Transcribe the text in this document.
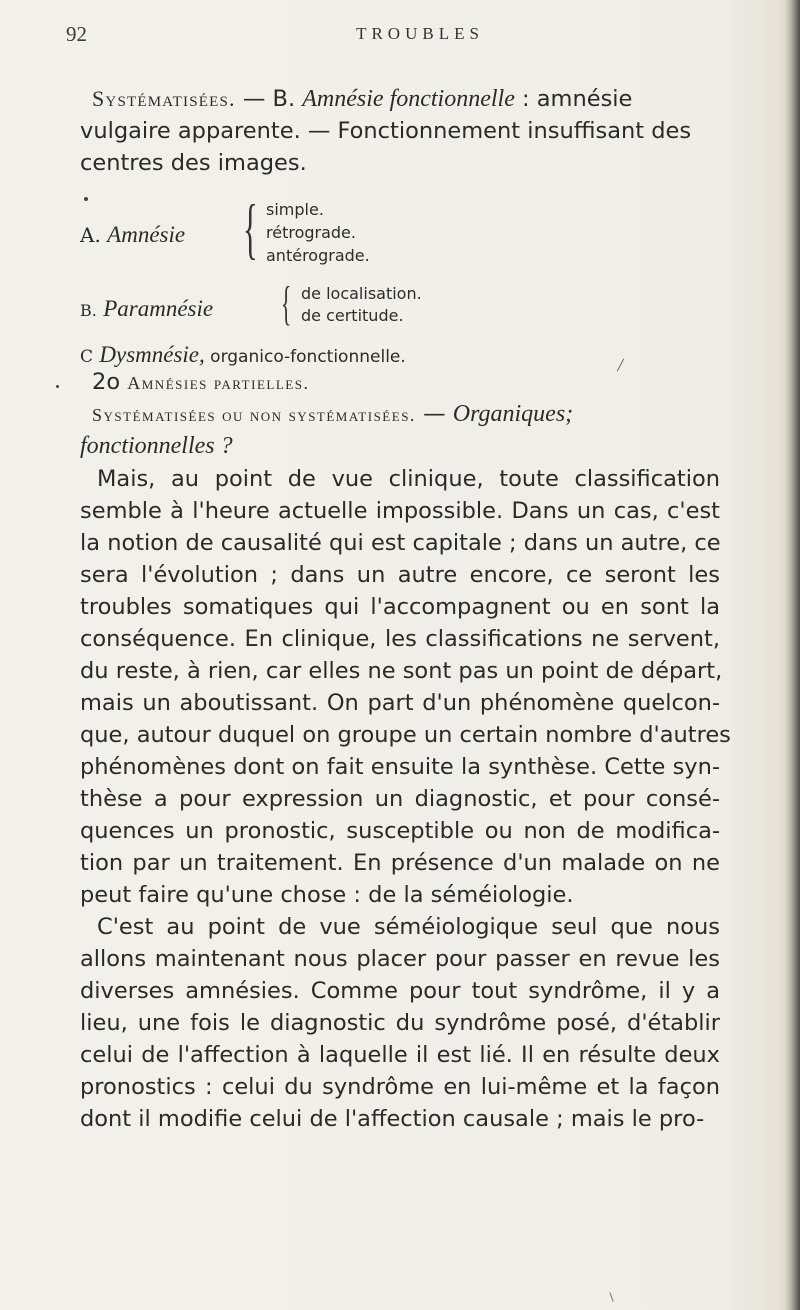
92	TROUBLES
Systématisées. — B. Amnésie fonctionnelle : amnésie
vulgaire apparente. — Fonctionnement insuffisant des
centres des images.
A. Amnésie { simple.
rétrograde.
antérograde.
B. Paramnésie { de localisation.
de certitude.
C Dysmnésie, organico-fonctionnelle.
2o Amnésies partielles.
Systématisées ou non systématisées. — Organiques;
fonctionnelles ?
Mais, au point de vue clinique, toute classification
semble à l'heure actuelle impossible. Dans un cas, c'est
la notion de causalité qui est capitale ; dans un autre, ce
sera l'évolution ; dans un autre encore, ce seront les
troubles somatiques qui l'accompagnent ou en sont la
conséquence. En clinique, les classifications ne servent,
du reste, à rien, car elles ne sont pas un point de départ,
mais un aboutissant. On part d'un phénomène quelcon-
que, autour duquel on groupe un certain nombre d'autres
phénomènes dont on fait ensuite la synthèse. Cette syn-
thèse a pour expression un diagnostic, et pour consé-
quences un pronostic, susceptible ou non de modifica-
tion par un traitement. En présence d'un malade on ne
peut faire qu'une chose : de la séméiologie.
C'est au point de vue séméiologique seul que nous
allons maintenant nous placer pour passer en revue les
diverses amnésies. Comme pour tout syndrôme, il y a
lieu, une fois le diagnostic du syndrôme posé, d'établir
celui de l'affection à laquelle il est lié. Il en résulte deux
pronostics : celui du syndrôme en lui-même et la façon
dont il modifie celui de l'affection causale ; mais le pro-
